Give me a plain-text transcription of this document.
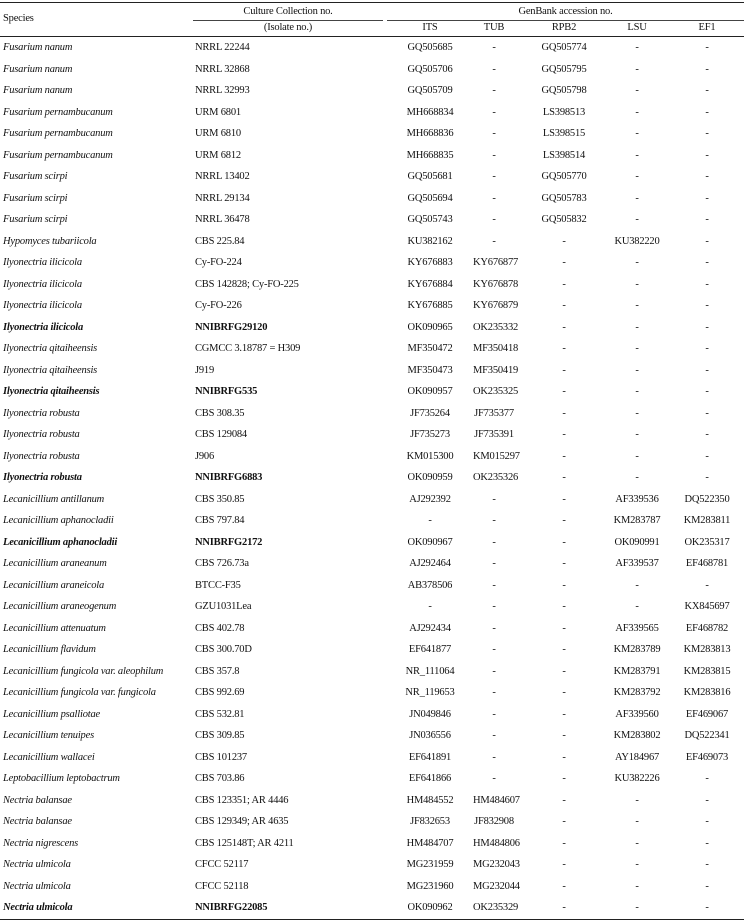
Species
Culture Collection no.
(Isolate no.)
GenBank accession no.
ITS	TUB	RPB2	LSU	EF1
Fusarium nanum	NRRL 22244	GQ505685	-	GQ505774	-	-
Fusarium nanum	NRRL 32868	GQ505706	-	GQ505795	-	-
Fusarium nanum	NRRL 32993	GQ505709	-	GQ505798	-	-
Fusarium pernambucanum	URM 6801	MH668834	-	LS398513	-	-
Fusarium pernambucanum	URM 6810	MH668836	-	LS398515	-	-
Fusarium pernambucanum	URM 6812	MH668835	-	LS398514	-	-
Fusarium scirpi	NRRL 13402	GQ505681	-	GQ505770	-	-
Fusarium scirpi	NRRL 29134	GQ505694	-	GQ505783	-	-
Fusarium scirpi	NRRL 36478	GQ505743	-	GQ505832	-	-
Hypomyces tubariicola	CBS 225.84	KU382162	-	-	KU382220	-
Ilyonectria ilicicola	Cy-FO-224	KY676883	KY676877	-	-	-
Ilyonectria ilicicola	CBS 142828; Cy-FO-225	KY676884	KY676878	-	-	-
Ilyonectria ilicicola	Cy-FO-226	KY676885	KY676879	-	-	-
Ilyonectria ilicicola	NNIBRFG29120	OK090965	OK235332	-	-	-
Ilyonectria qitaiheensis	CGMCC 3.18787 = H309	MF350472	MF350418	-	-	-
Ilyonectria qitaiheensis	J919	MF350473	MF350419	-	-	-
Ilyonectria qitaiheensis	NNIBRFG535	OK090957	OK235325	-	-	-
Ilyonectria robusta	CBS 308.35	JF735264	JF735377	-	-	-
Ilyonectria robusta	CBS 129084	JF735273	JF735391	-	-	-
Ilyonectria robusta	J906	KM015300	KM015297	-	-	-
Ilyonectria robusta	NNIBRFG6883	OK090959	OK235326	-	-	-
Lecanicillium antillanum	CBS 350.85	AJ292392	-	-	AF339536	DQ522350
Lecanicillium aphanocladii	CBS 797.84	-	-	-	KM283787	KM283811
Lecanicillium aphanocladii	NNIBRFG2172	OK090967	-	-	OK090991	OK235317
Lecanicillium araneanum	CBS 726.73a	AJ292464	-	-	AF339537	EF468781
Lecanicillium araneicola	BTCC-F35	AB378506	-	-	-	-
Lecanicillium araneogenum	GZU1031Lea	-	-	-	-	KX845697
Lecanicillium attenuatum	CBS 402.78	AJ292434	-	-	AF339565	EF468782
Lecanicillium flavidum	CBS 300.70D	EF641877	-	-	KM283789	KM283813
Lecanicillium fungicola var. aleophilum	CBS 357.8	NR_111064	-	-	KM283791	KM283815
Lecanicillium fungicola var. fungicola	CBS 992.69	NR_119653	-	-	KM283792	KM283816
Lecanicillium psalliotae	CBS 532.81	JN049846	-	-	AF339560	EF469067
Lecanicillium tenuipes	CBS 309.85	JN036556	-	-	KM283802	DQ522341
Lecanicillium wallacei	CBS 101237	EF641891	-	-	AY184967	EF469073
Leptobacillium leptobactrum	CBS 703.86	EF641866	-	-	KU382226	-
Nectria balansae	CBS 123351; AR 4446	HM484552	HM484607	-	-	-
Nectria balansae	CBS 129349; AR 4635	JF832653	JF832908	-	-	-
Nectria nigrescens	CBS 125148T; AR 4211	HM484707	HM484806	-	-	-
Nectria ulmicola	CFCC 52117	MG231959	MG232043	-	-	-
Nectria ulmicola	CFCC 52118	MG231960	MG232044	-	-	-
Nectria ulmicola	NNIBRFG22085	OK090962	OK235329	-	-	-
